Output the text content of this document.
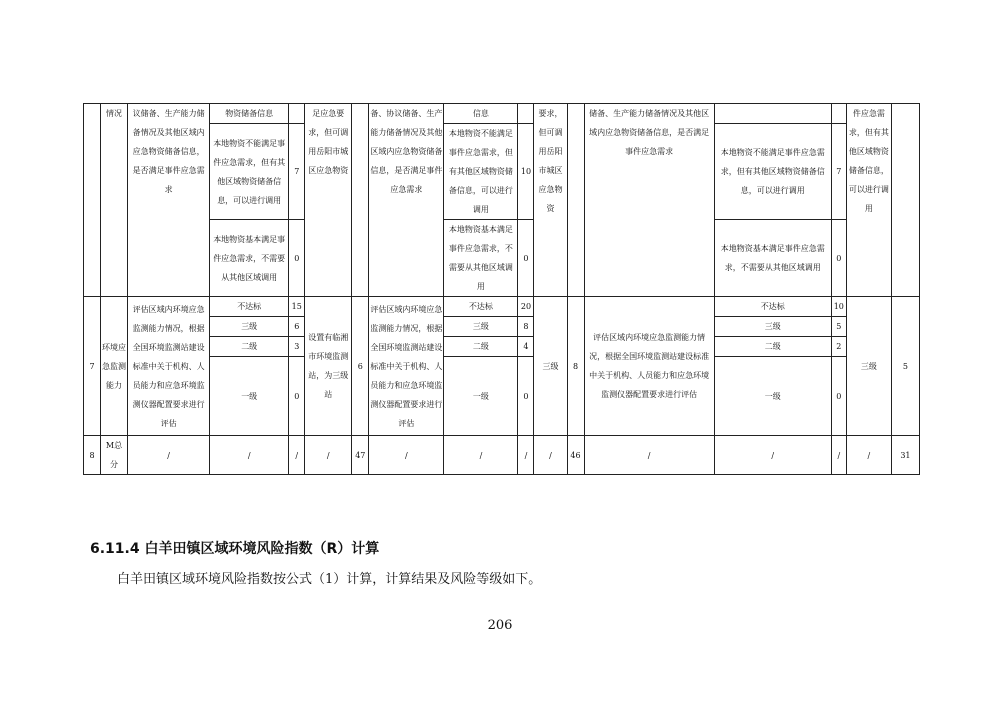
	情况	议储备、生产能力储备情况及其他区域内应急物资储备信息，是否满足事件应急需求	物资储备信息		足应急要求，但可调用岳阳市城区应急物资		备、协议储备、生产能力储备情况及其他区域内应急物资储备信息，是否满足事件应急需求	信息		要求，但可调用岳阳市城区应急物资		储备、生产能力储备情况及其他区域内应急物资储备信息，是否满足事件应急需求			件应急需求，但有其他区域物资储备信息，可以进行调用	
			本地物资不能满足事件应急需求，但有其他区域物资储备信息，可以进行调用	7				本地物资不能满足事件应急需求，但有其他区域物资储备信息，可以进行调用	10				本地物资不能满足事件应急需求，但有其他区域物资储备信息，可以进行调用	7		
			本地物资基本满足事件应急需求，不需要从其他区域调用	0				本地物资基本满足事件应急需求，不需要从其他区域调用	0				本地物资基本满足事件应急需求，不需要从其他区域调用	0		
7	环境应急监测能力	评估区域内环境应急监测能力情况，根据全国环境监测站建设标准中关于机构、人员能力和应急环境监测仪器配置要求进行评估	不达标	15	设置有临湘市环境监测站，为三级站	6	评估区域内环境应急监测能力情况，根据全国环境监测站建设标准中关于机构、人员能力和应急环境监测仪器配置要求进行评估	不达标	20	三级	8	评估区域内环境应急监测能力情况，根据全国环境监测站建设标准中关于机构、人员能力和应急环境监测仪器配置要求进行评估	不达标	10	三级	5
			三级	6				三级	8				三级	5		
			二级	3				二级	4				二级	2		
			一级	0				一级	0				一级	0		
8	M总分	/	/	/	/	47	/	/	/	/	46	/	/	/	/	31
6.11.4 白羊田镇区域环境风险指数（R）计算
白羊田镇区域环境风险指数按公式（1）计算，计算结果及风险等级如下。
206
